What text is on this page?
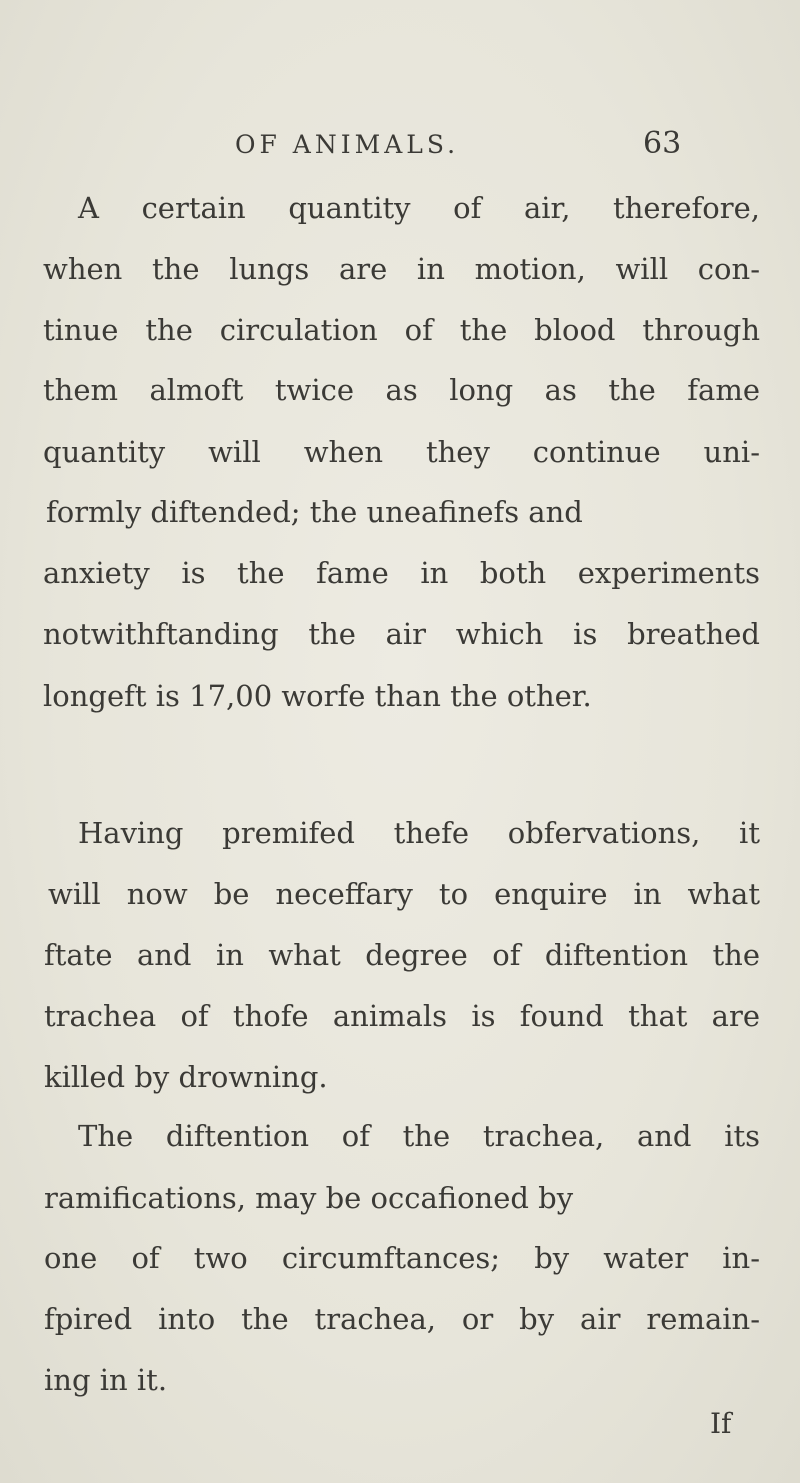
OF ANIMALS.	63
A certain quantity of air, therefore,
when the lungs are in motion, will con-
tinue the circulation of the blood through
them almoft twice as long as the fame
quantity will when they continue uni-
formly diftended; the uneafinefs and
anxiety is the fame in both experiments
notwithftanding the air which is breathed
longeft is 17,00 worfe than the other.
Having premifed thefe obfervations, it
will now be neceffary to enquire in what
ftate and in what degree of diftention the
trachea of thofe animals is found that are
killed by drowning.
The diftention of the trachea, and its
ramifications, may be occafioned by
one of two circumftances; by water in-
fpired into the trachea, or by air remain-
ing in it.
If
